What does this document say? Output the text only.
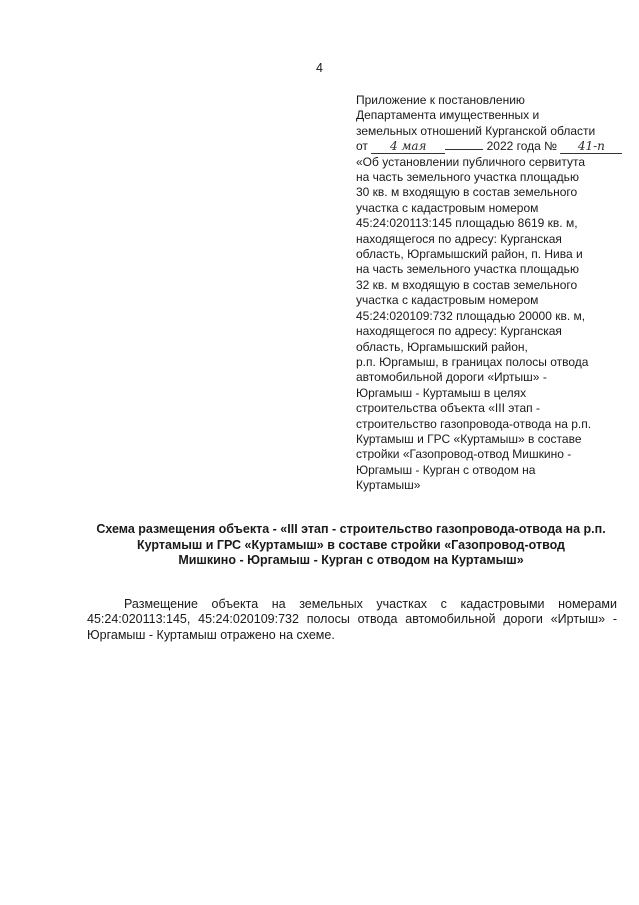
4
Приложение к постановлению
Департамента имущественных и
земельных отношений Курганской области
от 4 мая	2022 года № 41-п
«Об установлении публичного сервитута
на часть земельного участка площадью
30 кв. м входящую в состав земельного
участка с кадастровым номером
45:24:020113:145 площадью 8619 кв. м,
находящегося по адресу: Курганская
область, Юргамышский район, п. Нива и
на часть земельного участка площадью
32 кв. м входящую в состав земельного
участка с кадастровым номером
45:24:020109:732 площадью 20000 кв. м,
находящегося по адресу: Курганская
область, Юргамышский район,
р.п. Юргамыш, в границах полосы отвода
автомобильной дороги «Иртыш» -
Юргамыш - Куртамыш в целях
строительства объекта «III этап -
строительство газопровода-отвода на р.п.
Куртамыш и ГРС «Куртамыш» в составе
стройки «Газопровод-отвод Мишкино -
Юргамыш - Курган с отводом на
Куртамыш»
Схема размещения объекта - «III этап - строительство газопровода-отвода на р.п.
Куртамыш и ГРС «Куртамыш» в составе стройки «Газопровод-отвод
Мишкино - Юргамыш - Курган с отводом на Куртамыш»
Размещение объекта на земельных участках с кадастровыми номерами
45:24:020113:145, 45:24:020109:732 полосы отвода автомобильной дороги «Иртыш» -
Юргамыш - Куртамыш отражено на схеме.
